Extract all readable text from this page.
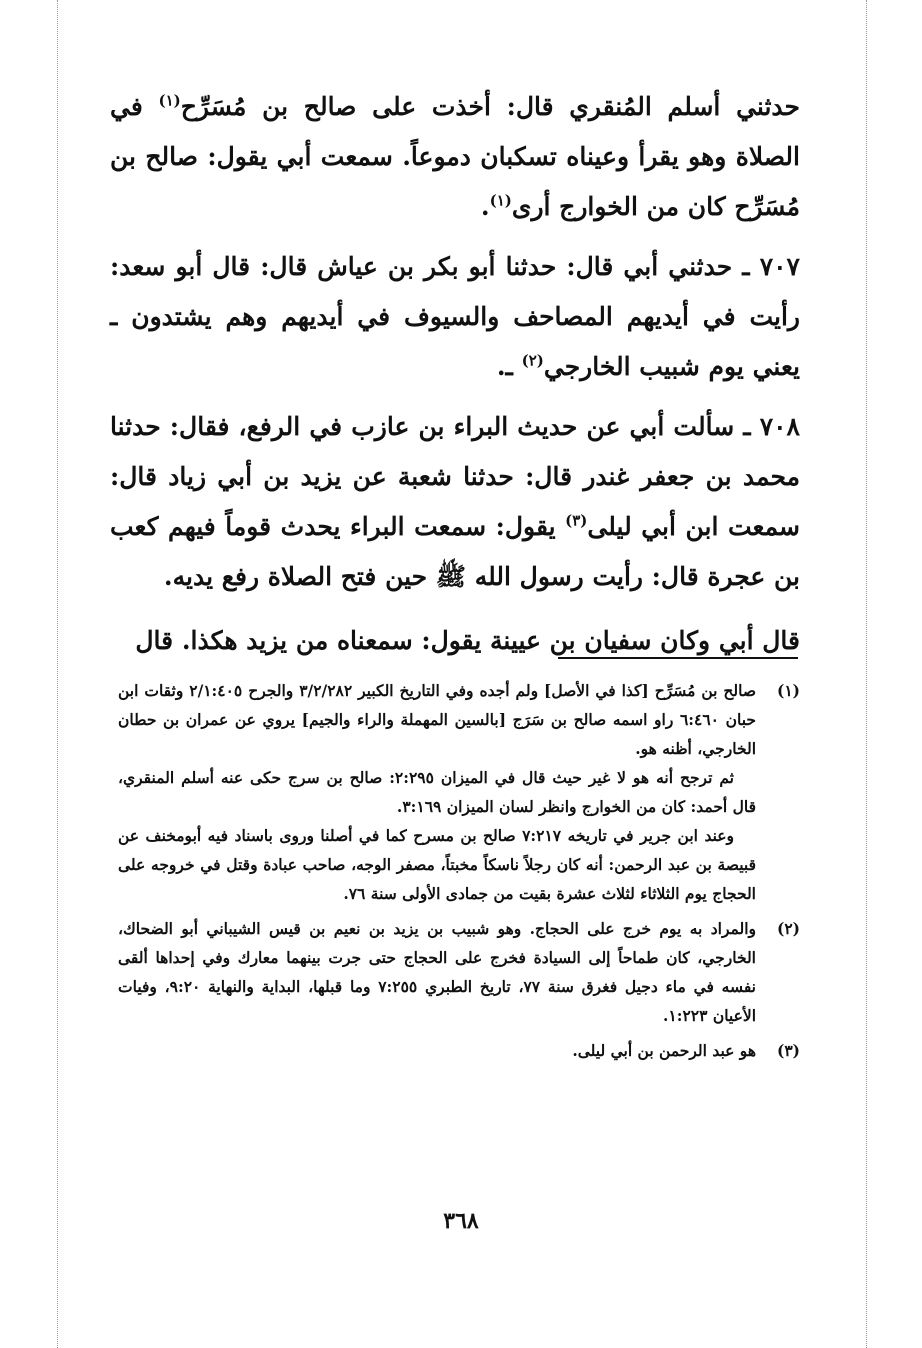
حدثني أسلم المُنقري قال: أخذت على صالح بن مُسَرِّح$^{(١)}$ في الصلاة وهو يقرأ وعيناه تسكبان دموعاً. سمعت أبي يقول: صالح بن مُسَرِّح كان من الخوارج أرى$^{(١)}$.

٧٠٧ ـ حدثني أبي قال: حدثنا أبو بكر بن عياش قال: قال أبو سعد: رأيت في أيديهم المصاحف والسيوف في أيديهم وهم يشتدون ـ يعني يوم شبيب الخارجي$^{(٢)}$ ـ.

٧٠٨ ـ سألت أبي عن حديث البراء بن عازب في الرفع، فقال: حدثنا محمد بن جعفر غندر قال: حدثنا شعبة عن يزيد بن أبي زياد قال: سمعت ابن أبي ليلى$^{(٣)}$ يقول: سمعت البراء يحدث قوماً فيهم كعب بن عجرة قال: رأيت رسول الله ﷺ حين فتح الصلاة رفع يديه.

قال أبي وكان سفيان بن عيينة يقول: سمعناه من يزيد هكذا. قال

(١)

صالح بن مُسَرِّح [كذا في الأصل] ولم أجده وفي التاريخ الكبير ٣/٢/٢٨٢ والجرح ٢/١:٤٠٥ وثقات ابن حبان ٦:٤٦٠ راو اسمه صالح بن سَرَج [بالسين المهملة والراء والجيم] يروي عن عمران بن حطان الخارجي، أظنه هو.

ثم ترجح أنه هو لا غير حيث قال في الميزان ٢:٢٩٥: صالح بن سرج حكى عنه أسلم المنقري، قال أحمد: كان من الخوارج وانظر لسان الميزان ٣:١٦٩.

وعند ابن جرير في تاريخه ٧:٢١٧ صالح بن مسرح كما في أصلنا وروى باسناد فيه أبومخنف عن قبيصة بن عبد الرحمن: أنه كان رجلاً ناسكاً مخبتاً، مصفر الوجه، صاحب عبادة وقتل في خروجه على الحجاج يوم الثلاثاء لثلاث عشرة بقيت من جمادى الأولى سنة ٧٦.

(٢)

والمراد به يوم خرج على الحجاج. وهو شبيب بن يزيد بن نعيم بن قيس الشيباني أبو الضحاك، الخارجي، كان طماحاً إلى السيادة فخرج على الحجاج حتى جرت بينهما معارك وفي إحداها ألقى نفسه في ماء دجيل فغرق سنة ٧٧، تاريخ الطبري ٧:٢٥٥ وما قبلها، البداية والنهاية ٩:٢٠، وفيات الأعيان ١:٢٢٣.

(٣)

هو عبد الرحمن بن أبي ليلى.

٣٦٨
